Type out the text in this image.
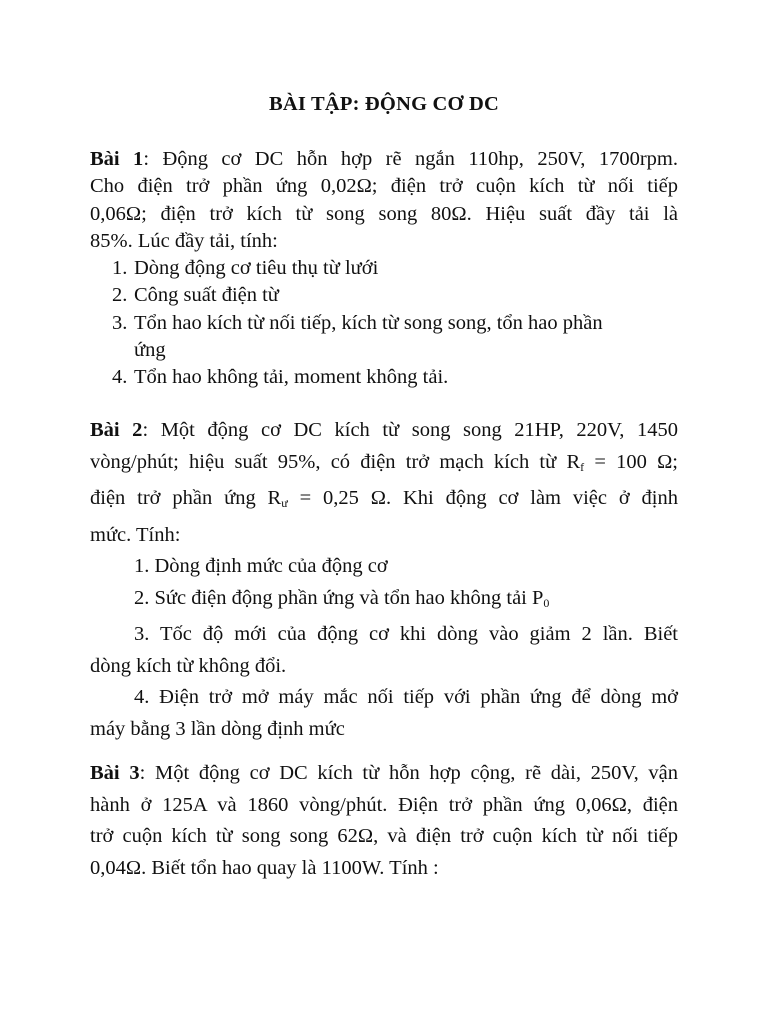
BÀI TẬP: ĐỘNG CƠ DC
Bài 1: Động cơ DC hỗn hợp rẽ ngắn 110hp, 250V, 1700rpm.
Cho điện trở phần ứng 0,02Ω; điện trở cuộn kích từ nối tiếp
0,06Ω; điện trở kích từ song song 80Ω. Hiệu suất đầy tải là
85%. Lúc đầy tải, tính:
1. Dòng động cơ tiêu thụ từ lưới
2. Công suất điện từ
3. Tổn hao kích từ nối tiếp, kích từ song song, tổn hao phần
ứng
4. Tổn hao không tải, moment không tải.
Bài 2: Một động cơ DC kích từ song song 21HP, 220V, 1450
vòng/phút; hiệu suất 95%, có điện trở mạch kích từ $R_f = 100$ Ω;
điện trở phần ứng $R_ư = 0,25$ Ω. Khi động cơ làm việc ở định
mức. Tính:
1. Dòng định mức của động cơ
2. Sức điện động phần ứng và tổn hao không tải $P_0$
3. Tốc độ mới của động cơ khi dòng vào giảm 2 lần. Biết
dòng kích từ không đổi.
4. Điện trở mở máy mắc nối tiếp với phần ứng để dòng mở
máy bằng 3 lần dòng định mức
Bài 3: Một động cơ DC kích từ hỗn hợp cộng, rẽ dài, 250V, vận
hành ở 125A và 1860 vòng/phút. Điện trở phần ứng 0,06Ω, điện
trở cuộn kích từ song song 62Ω, và điện trở cuộn kích từ nối tiếp
0,04Ω. Biết tổn hao quay là 1100W. Tính :
